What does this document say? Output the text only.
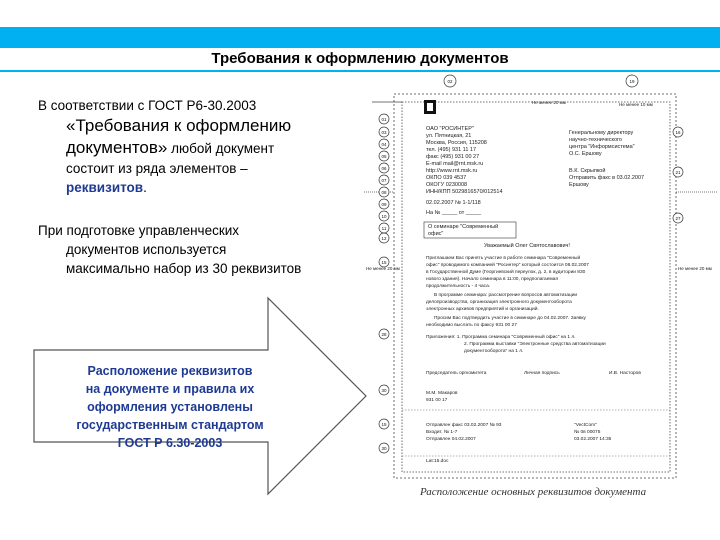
Требования к оформлению документов

В соответствии с ГОСТ Р6-30.2003

«Требования к оформлению

документов» любой документ

состоит из ряда элементов –

реквизитов.

При подготовке управленческих

документов используется

максимально набор из 30 реквизитов

Расположение реквизитов
на документе и правила их
оформления установлены
государственным стандартом
ГОСТ Р 6.30-2003
02	19
01
03
04
05
06
07
08
09
10
11
12
15
16
21
27
28
30
15
30
Не менее 20 мм	Не менее 10 мм
Не менее 20 мм	Не менее 20 мм
ОАО "РОСИНТЕР"
ул. Пятницкая, 21
Москва, Россия, 115208
тел. (495) 931 11 17
факс (495) 931 00 27
E-mail mail@rnt.msk.ru
http://www.rnt.msk.ru
ОКПО 039 4537
ОКОГУ 0230008
ИНН/КПП 5029816570/012514
02.02.2007 № 1-1/118
На № _____ от _____
О семинаре "Современный
офис"
Генеральному директору
научно-технического
центра "Информсистема"
О.С. Ершову
В.К. Скрыпкой
Отправить факс в 03.02.2007
Ершову
Уважаемый Олег Святославович!
Приглашаем Вас принять участие в работе семинара "Современный
офис" проводимого компанией "Росинтер" который состоится 08.02.2007
в Государственной Думе (Георгиевский переулок, д. 2, в аудитории 830
нового здания). Начало семинара в 11:00, предполагаемая
продолжительность - 4 часа.
В программе семинара: рассмотрение вопросов автоматизации
делопроизводства, организация электронного документооборота
электронных архивов предприятий и организаций.
Просим Вас подтвердить участие в семинаре до 04.02.2007. Заявку
необходимо выслать по факсу 931 00 27
Приложения: 1. Программа семинара "Современный офис" на 1 л.
2. Программа выставки "Электронные средства автоматизации
документооборота" на 1 л.
Председатель оргкомитета	Личная подпись	И.В. Насторов
М.М. Макаров
931 00 17
Отправлен факс 03.02.2007 № 93
Входит. № 1-7
Отправлен 04.02.2007
"VectCom"
№ 0в 00075
03.02.2007 14:35
Lat:15.doc
Расположение основных реквизитов документа
